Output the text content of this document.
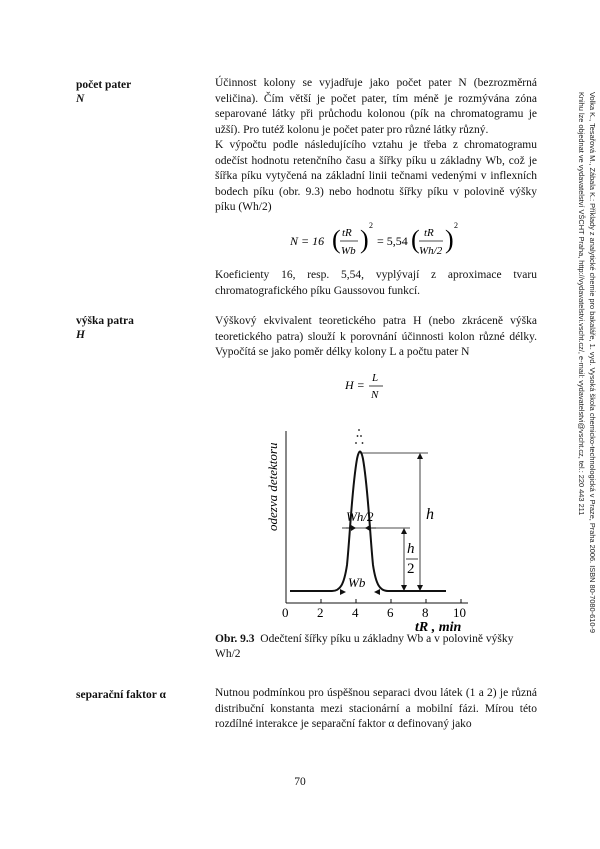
Volka K., Tesařová M., Zábala K.: Příklady z analytické chemie pro bakaláře, 1. vyd. Vysoká škola chemicko-technologická v Praze, Praha 2006. ISBN 80-7080-610-9
Knihu lze objednat ve vydavatelství VŠCHT Praha, http://vydavatelstvi.vscht.cz/, e-mail: vydavatelstvi@vscht.cz, tel.: 220 443 211
počet pater
N

Účinnost kolony se vyjadřuje jako počet pater N (bezrozměrná veličina). Čím větší je počet pater, tím méně je rozmývána zóna separované látky při průchodu kolonou (pík na chromatogramu je užší). Pro tutéž kolonu je počet pater pro různé látky různý.

K výpočtu podle následujícího vztahu je třeba z chromatogramu odečíst hodnotu retenčního času a šířky píku u základny Wb, což je šířka píku vytyčená na základní linii tečnami vedenými v inflexních bodech píku (obr. 9.3) nebo hodnotu šířky píku v polovině výšky píku (Wh/2)

N = 16 ( tR
Wb ) 2
= 5,54 ( tR
Wh/2 ) 2

Koeficienty 16, resp. 5,54, vyplývají z aproximace tvaru chromatografického píku Gaussovou funkcí.

výška patra
H

Výškový ekvivalent teoretického patra H (nebo zkráceně výška teoretického patra) slouží k porovnání účinnosti kolon různé délky. Vypočítá se jako poměr délky kolony L a počtu pater N

H = L
N
odezva detektoru
0 2 4 6 8 10
tR , min
h
h
2
Wh/2
Wb
Obr. 9.3 Odečtení šířky píku u základny Wb a v polovině výšky Wh/2
separační faktor α	Nutnou podmínkou pro úspěšnou separaci dvou látek (1 a 2) je různá distribuční konstanta mezi stacionární a mobilní fázi. Mírou této rozdílné interakce je separační faktor α definovaný jako

70
